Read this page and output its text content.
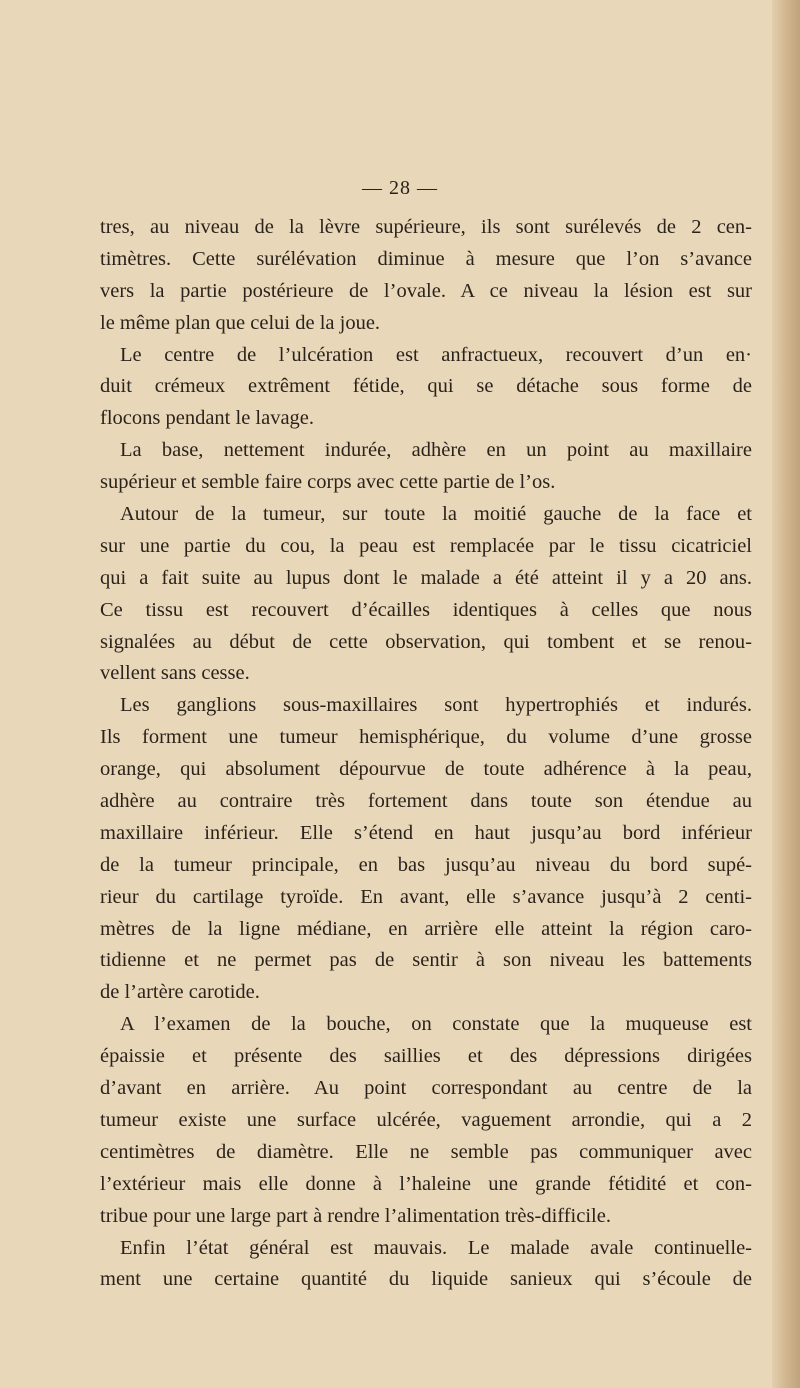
— 28 —
tres, au niveau de la lèvre supérieure, ils sont surélevés de 2 cen-
timètres. Cette surélévation diminue à mesure que l’on s’avance
vers la partie postérieure de l’ovale. A ce niveau la lésion est sur
le même plan que celui de la joue.
Le centre de l’ulcération est anfractueux, recouvert d’un en·
duit crémeux extrêment fétide, qui se détache sous forme de
flocons pendant le lavage.
La base, nettement indurée, adhère en un point au maxillaire
supérieur et semble faire corps avec cette partie de l’os.
Autour de la tumeur, sur toute la moitié gauche de la face et
sur une partie du cou, la peau est remplacée par le tissu cicatriciel
qui a fait suite au lupus dont le malade a été atteint il y a 20 ans.
Ce tissu est recouvert d’écailles identiques à celles que nous
signalées au début de cette observation, qui tombent et se renou-
vellent sans cesse.
Les ganglions sous-maxillaires sont hypertrophiés et indurés.
Ils forment une tumeur hemisphérique, du volume d’une grosse
orange, qui absolument dépourvue de toute adhérence à la peau,
adhère au contraire très fortement dans toute son étendue au
maxillaire inférieur. Elle s’étend en haut jusqu’au bord inférieur
de la tumeur principale, en bas jusqu’au niveau du bord supé-
rieur du cartilage tyroïde. En avant, elle s’avance jusqu’à 2 centi-
mètres de la ligne médiane, en arrière elle atteint la région caro-
tidienne et ne permet pas de sentir à son niveau les battements
de l’artère carotide.
A l’examen de la bouche, on constate que la muqueuse est
épaissie et présente des saillies et des dépressions dirigées
d’avant en arrière. Au point correspondant au centre de la
tumeur existe une surface ulcérée, vaguement arrondie, qui a 2
centimètres de diamètre. Elle ne semble pas communiquer avec
l’extérieur mais elle donne à l’haleine une grande fétidité et con-
tribue pour une large part à rendre l’alimentation très-difficile.
Enfin l’état général est mauvais. Le malade avale continuelle-
ment une certaine quantité du liquide sanieux qui s’écoule de
